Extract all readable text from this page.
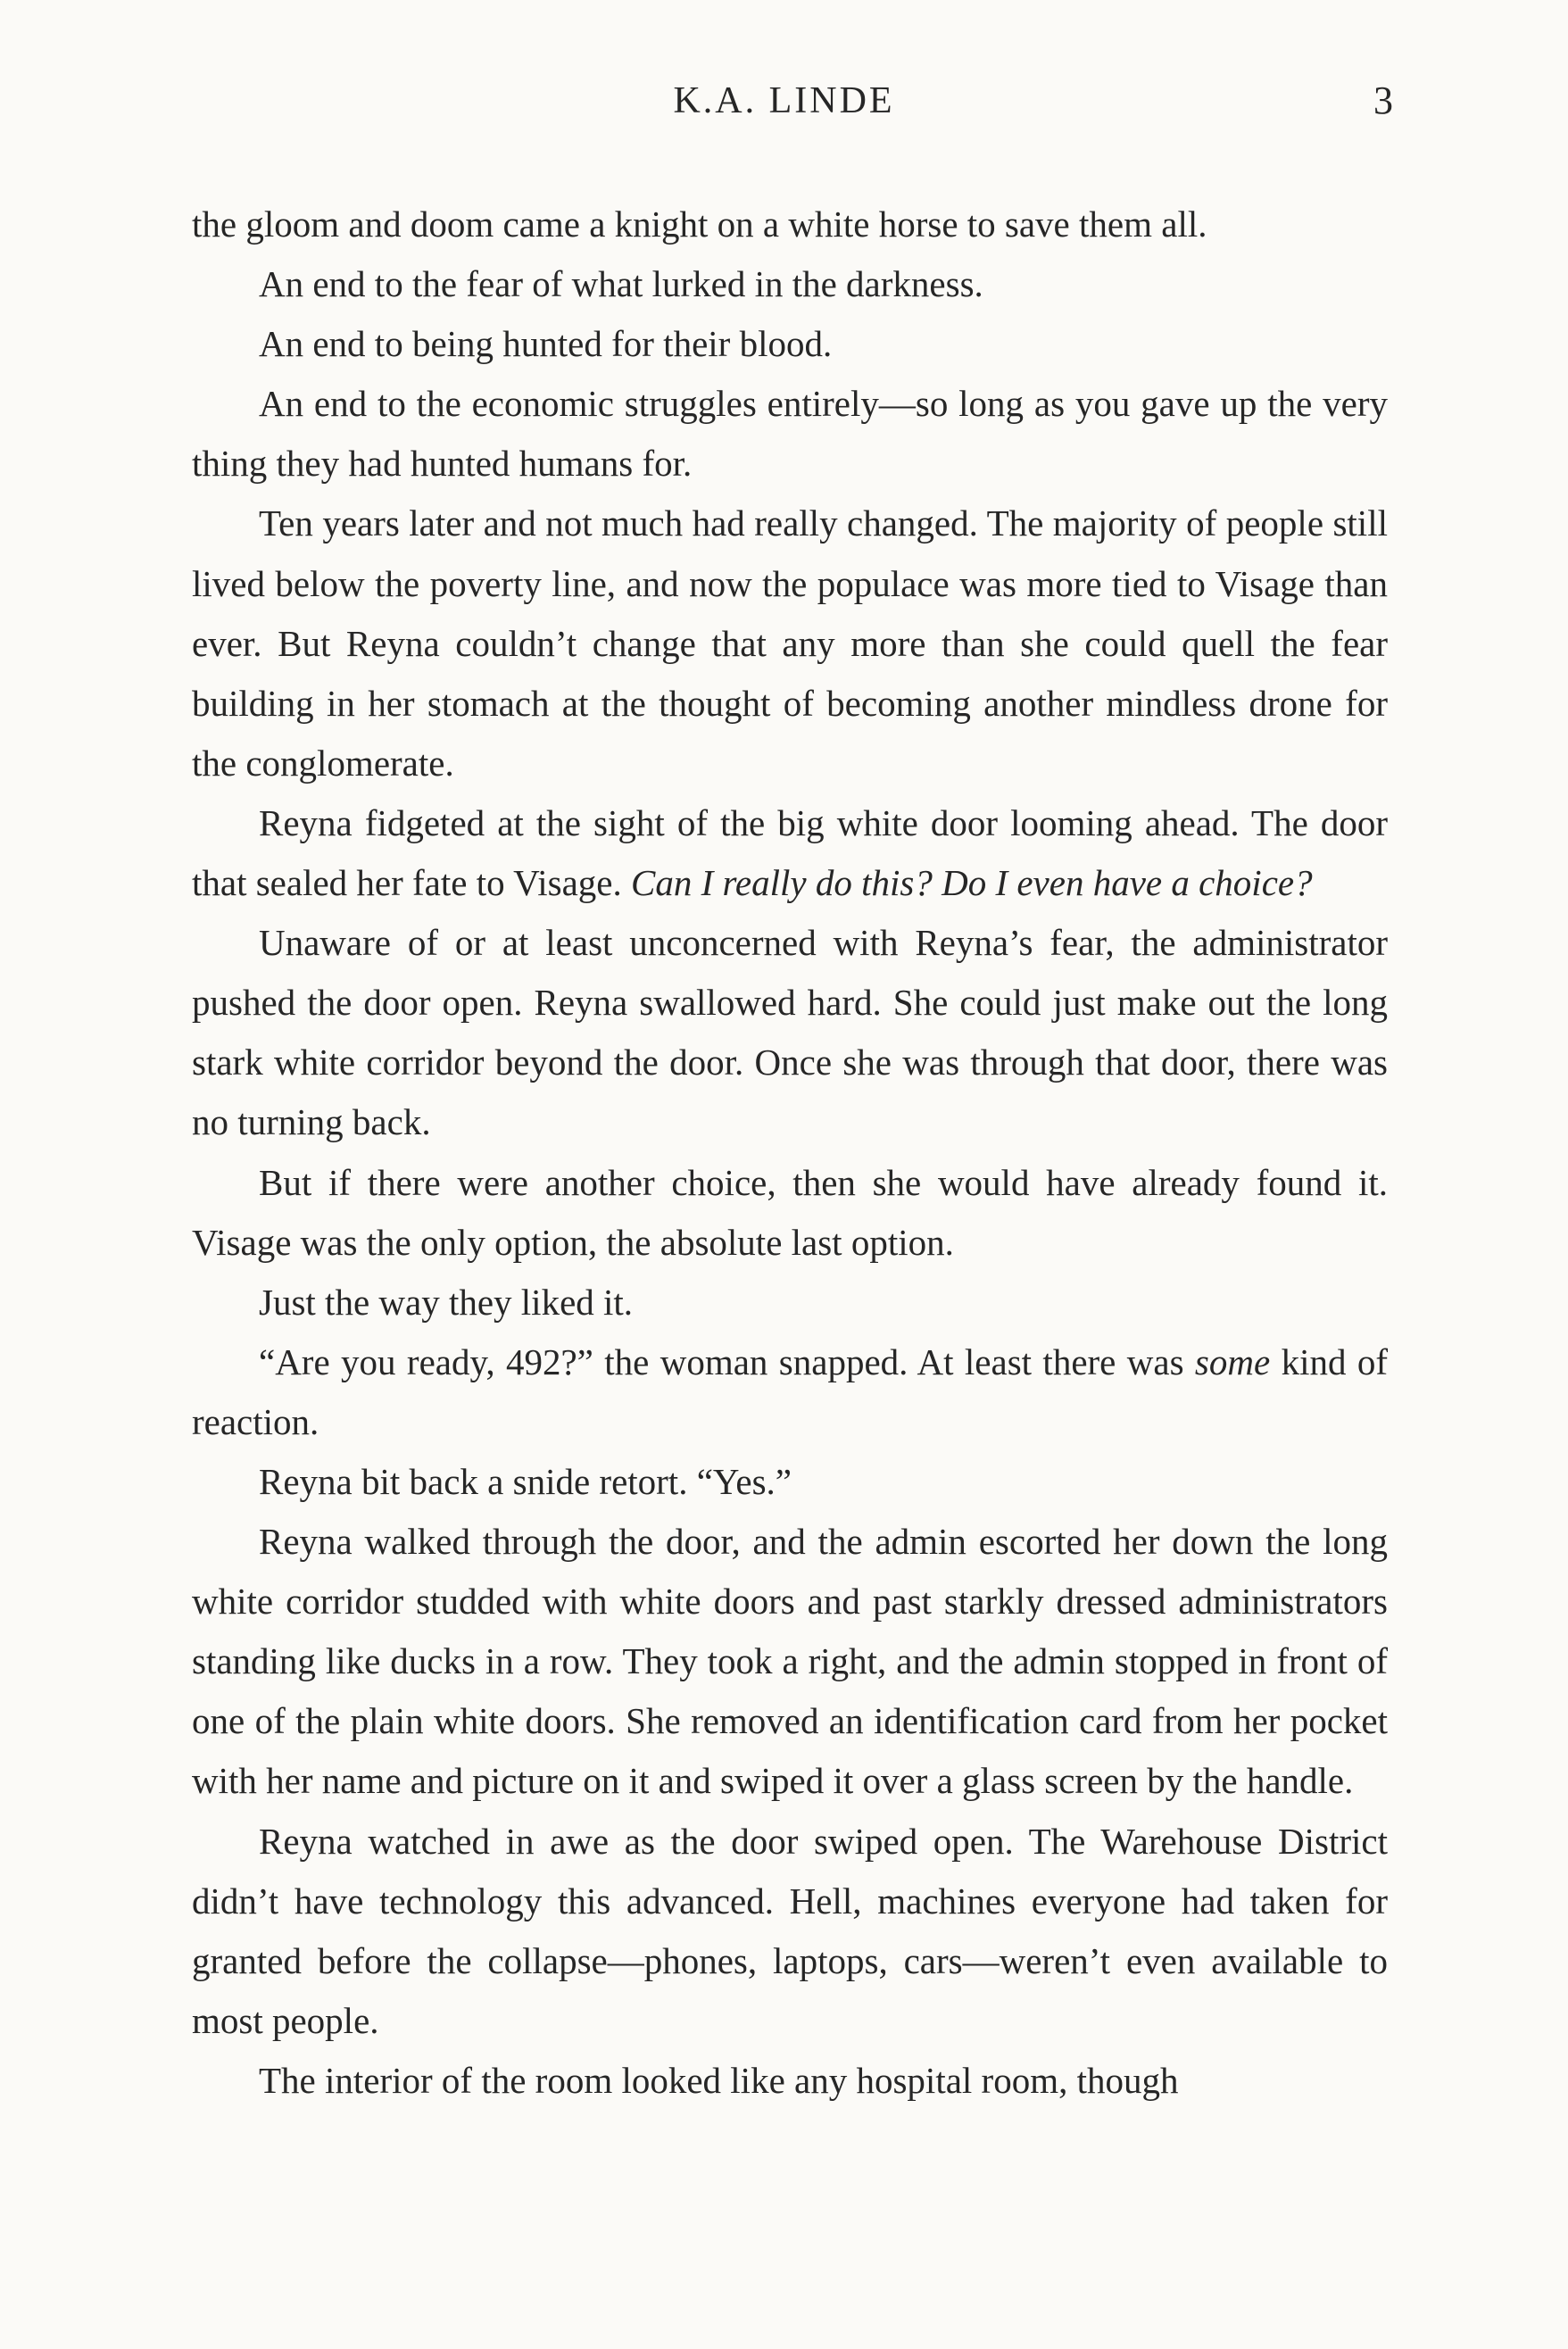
K.A. LINDE	3

the gloom and doom came a knight on a white horse to save them all.

An end to the fear of what lurked in the darkness.

An end to being hunted for their blood.

An end to the economic struggles entirely—so long as you gave up the very thing they had hunted humans for.

Ten years later and not much had really changed. The majority of people still lived below the poverty line, and now the populace was more tied to Visage than ever. But Reyna couldn’t change that any more than she could quell the fear building in her stomach at the thought of becoming another mindless drone for the conglomerate.

Reyna fidgeted at the sight of the big white door looming ahead. The door that sealed her fate to Visage. Can I really do this? Do I even have a choice?

Unaware of or at least unconcerned with Reyna’s fear, the administrator pushed the door open. Reyna swallowed hard. She could just make out the long stark white corridor beyond the door. Once she was through that door, there was no turning back.

But if there were another choice, then she would have already found it. Visage was the only option, the absolute last option.

Just the way they liked it.

“Are you ready, 492?” the woman snapped. At least there was some kind of reaction.

Reyna bit back a snide retort. “Yes.”

Reyna walked through the door, and the admin escorted her down the long white corridor studded with white doors and past starkly dressed administrators standing like ducks in a row. They took a right, and the admin stopped in front of one of the plain white doors. She removed an identification card from her pocket with her name and picture on it and swiped it over a glass screen by the handle.

Reyna watched in awe as the door swiped open. The Warehouse District didn’t have technology this advanced. Hell, machines everyone had taken for granted before the collapse—phones, laptops, cars—weren’t even available to most people.

The interior of the room looked like any hospital room, though
